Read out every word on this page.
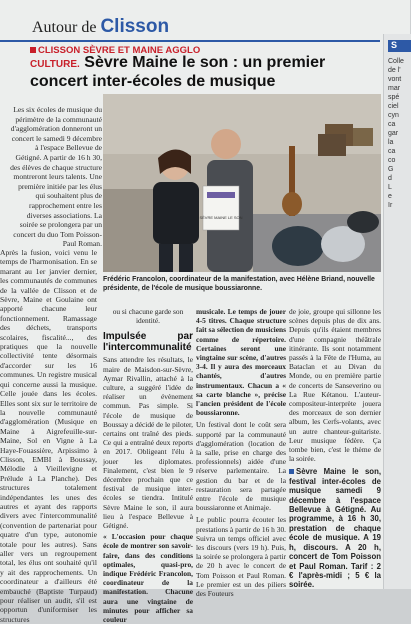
Autour de Clisson
S
Colle
de l'
vont
mar
spé
ciel
cyn
ca
gar
la
ca
co
G
d
L
e
Ir
CLISSON SÈVRE ET MAINE AGGLO
CULTURE. Sèvre Maine le son : un premier concert inter-écoles de musique
Les six écoles de musique du périmètre de la communauté d'agglomération donneront un concert le samedi 9 décembre à l'espace Bellevue de Gétigné. A partir de 16 h 30, des élèves de chaque structure montreront leurs talents. Une première initiée par les élus qui souhaitent plus de rapprochement entre les diverses associations. La soirée se prolongera par un concert du duo Tom Poisson-Paul Roman.
Après la fusion, voici venu le temps de l'harmonisation. En se marant au 1er janvier dernier, les communautés de communes de la vallée de Clisson et de Sèvre, Maine et Goulaine ont apporté chacune leur fonctionnement. Ramassage des déchets, transports scolaires, fiscalité..., des pratiques que la nouvelle collectivité tente désormais d'accorder sur les 16 communes. Un registre musical qui concerne aussi la musique. Celle jouée dans les écoles. Elles sont six sur le territoire de la nouvelle communauté d'agglomération (Musique en Maine à Aigrefeuille-sur-Maine, Sol en Vigne à La Haye-Fouassière, Arpissimo à Clisson, EMBI à Boussay, Mélodie à Vieillevigne et Prélude à La Planche). Des structures totalement indépendantes les unes des autres et ayant des rapports divers avec l'intercommunalité (convention de partenariat pour quatre d'un type, autonomie totale pour les autres). Sans aller vers un regroupement total, les élus ont souhaité qu'il y ait des rapprochements. Un coordinateur a d'ailleurs été embauché (Baptiste Turpaud) pour réaliser un audit, s'il est opportun d'uniformiser les structures
SÈVRE MAINE LE SON
Frédéric Francolon, coordinateur de la manifestation, avec Hélène Briand, nouvelle présidente, de l'école de musique boussiaronne.
ou si chacune garde son identité.
Impulsée par l'intercommunalité
Sans attendre les résultats, le maire de Maisdon-sur-Sèvre, Aymar Rivallin, attaché à la culture, a suggéré l'idée de réaliser un évènement commun. Pas simple. Si l'école de musique de Boussay a décidé de le piloter, certains ont traîné des pieds. Ce qui a entraîné deux reports en 2017. Obligeant l'élu à jouer les diplomates. Finalement, c'est bien le 9 décembre prochain que ce festival de musique inter-écoles se tiendra. Intitulé Sèvre Maine le son, il aura lieu à l'espace Bellevue à Gétigné.
« L'occasion pour chaque école de montrer son savoir-faire, dans des conditions optimales, quasi-pro, indique Frédéric Francolon, coordinateur de la manifestation. Chacune aura une vingtaine de minutes pour afficher sa couleur
musicale. Le temps de jouer 4-5 titres. Chaque structure fait sa sélection de musiciens comme de répertoire. Certaines seront une vingtaine sur scène, d'autres 3-4. Il y aura des morceaux chantés, d'autres instrumentaux. Chacun a « sa carte blanche », précise l'ancien président de l'école boussiaronne.
Un festival dont le coût sera supporté par la communauté d'agglomération (location de la salle, prise en charge des professionnels) aidée d'une réserve parlementaire. La gestion du bar et de la restauration sera partagée entre l'école de musique boussiaronne et Animaje.
Le public pourra écouter les prestations à partir de 16 h 30. Suivra un temps officiel avec les discours (vers 19 h). Puis, la soirée se prolongera à partir de 20 h avec le concert de Tom Poisson et Paul Roman. Le premier est un des piliers des Fouteurs
de joie, groupe qui sillonne les scènes depuis plus de dix ans. Depuis qu'ils étaient membres d'une compagnie théâtrale itinérante. Ils sont notamment passés à la Fête de l'Huma, au Bataclan et au Divan du Monde, ou en première partie de concerts de Sanseverino ou La Rue Kétanou. L'auteur-compositeur-interprète jouera des morceaux de son dernier album, les Cerfs-volants, avec un autre chanteur-guitariste. Leur musique fédère. Ça tombe bien, c'est le thème de la soirée.
Sèvre Maine le son, festival inter-écoles de musique samedi 9 décembre à l'espace Bellevue à Gétigné. Au programme, à 16 h 30, prestation de chaque école de musique. A 19 h, discours. A 20 h, concert de Tom Poisson et Paul Roman. Tarif : 2 € l'après-midi ; 5 € la soirée.
